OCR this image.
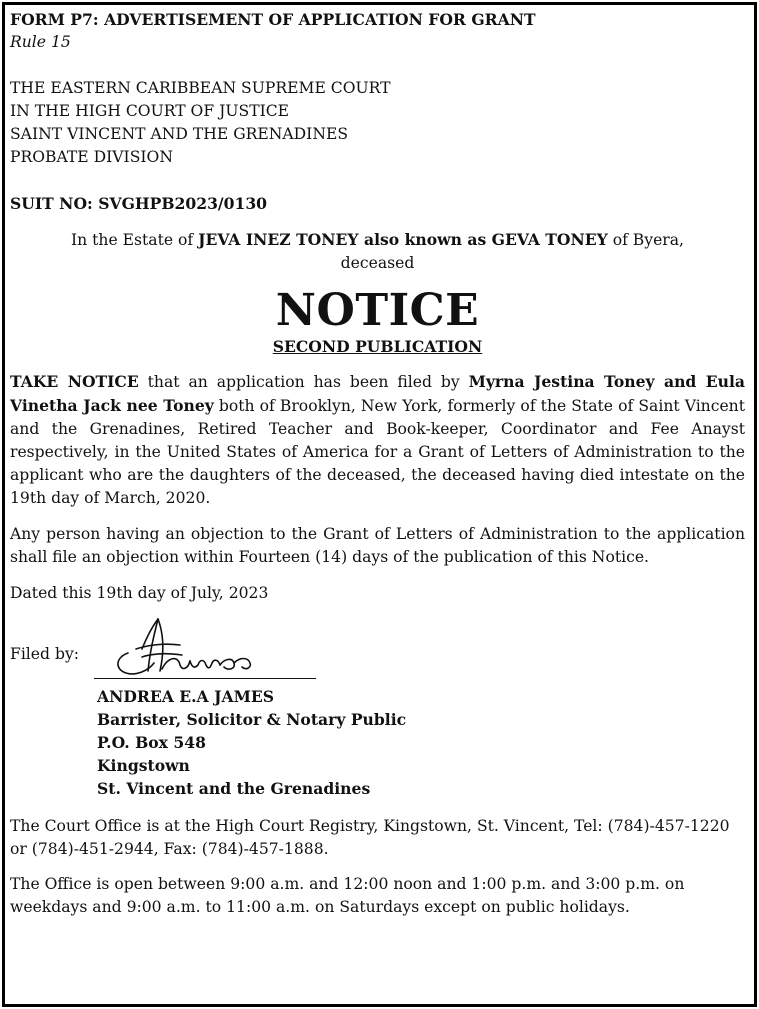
FORM P7: ADVERTISEMENT OF APPLICATION FOR GRANT
Rule 15
THE EASTERN CARIBBEAN SUPREME COURT
IN THE HIGH COURT OF JUSTICE
SAINT VINCENT AND THE GRENADINES
PROBATE DIVISION
SUIT NO: SVGHPB2023/0130
In the Estate of JEVA INEZ TONEY also known as GEVA TONEY of Byera,
deceased
NOTICE
SECOND PUBLICATION
TAKE NOTICE that an application has been filed by Myrna Jestina Toney and Eula Vinetha Jack nee Toney both of Brooklyn, New York, formerly of the State of Saint Vincent and the Grenadines, Retired Teacher and Book-keeper, Coordinator and Fee Anayst respectively, in the United States of America for a Grant of Letters of Administration to the applicant who are the daughters of the deceased, the deceased having died intestate on the 19th day of March, 2020.
Any person having an objection to the Grant of Letters of Administration to the application shall file an objection within Fourteen (14) days of the publication of this Notice.
Dated this 19th day of July, 2023
Filed by:
ANDREA E.A JAMES
Barrister, Solicitor & Notary Public
P.O. Box 548
Kingstown
St. Vincent and the Grenadines
The Court Office is at the High Court Registry, Kingstown, St. Vincent, Tel: (784)-457-1220 or (784)-451-2944, Fax: (784)-457-1888.
The Office is open between 9:00 a.m. and 12:00 noon and 1:00 p.m. and 3:00 p.m. on weekdays and 9:00 a.m. to 11:00 a.m. on Saturdays except on public holidays.
